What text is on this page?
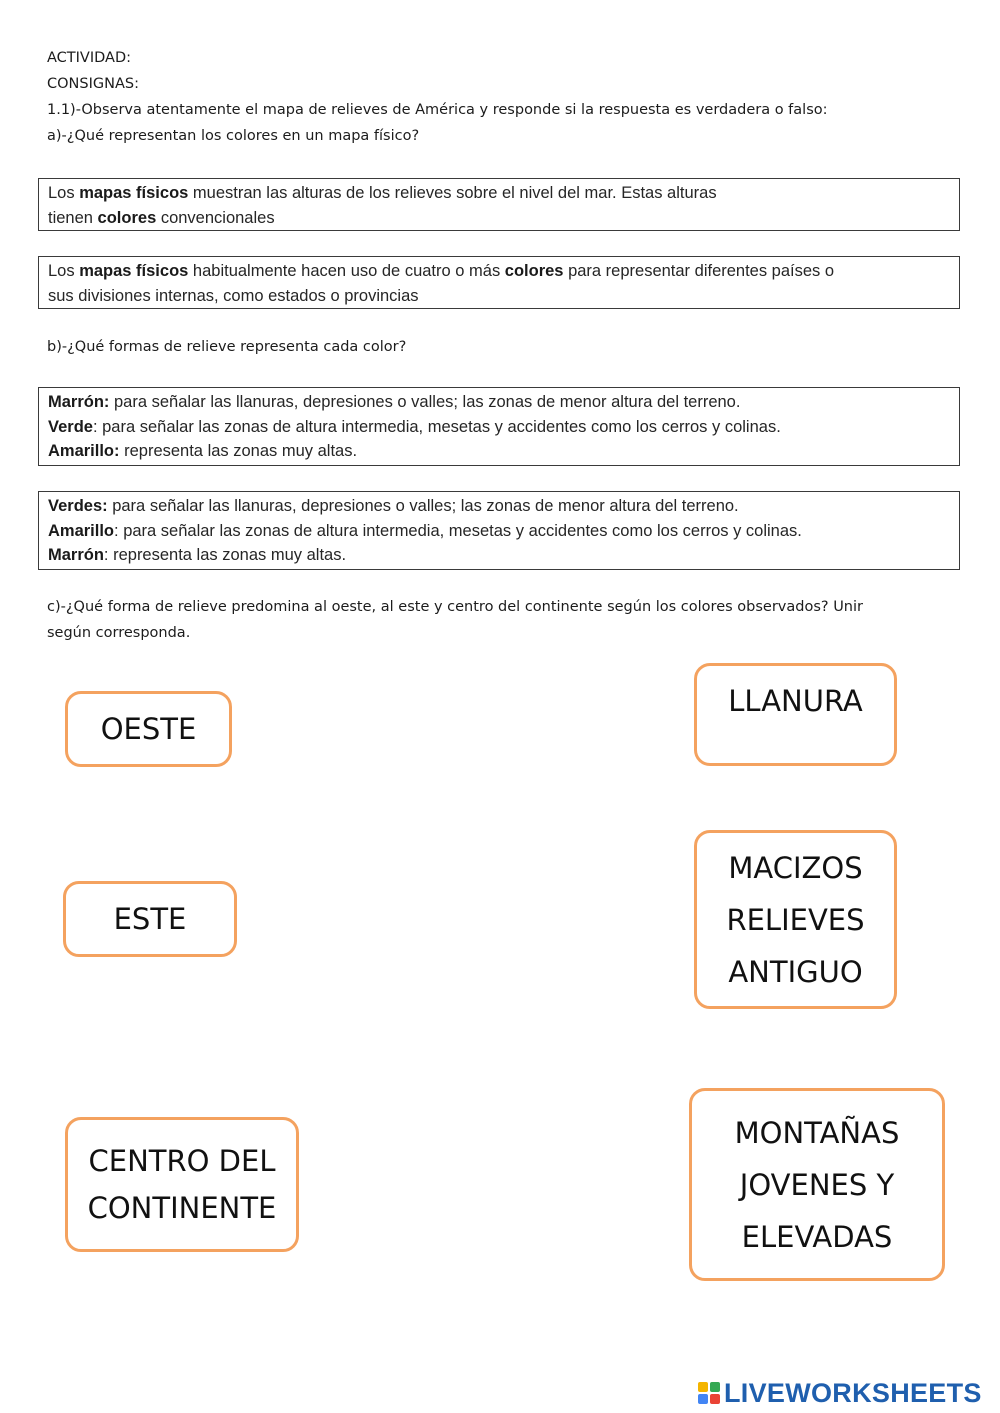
ACTIVIDAD:
CONSIGNAS:
1.1)-Observa atentamente el mapa de relieves de América y responde si la respuesta es verdadera o falso:
a)-¿Qué representan los colores en un mapa físico?
Los mapas físicos muestran las alturas de los relieves sobre el nivel del mar. Estas alturas
tienen colores convencionales
Los mapas físicos habitualmente hacen uso de cuatro o más colores para representar diferentes países o
sus divisiones internas, como estados o provincias
b)-¿Qué formas de relieve representa cada color?
Marrón: para señalar las llanuras, depresiones o valles; las zonas de menor altura del terreno.
Verde: para señalar las zonas de altura intermedia, mesetas y accidentes como los cerros y colinas.
Amarillo: representa las zonas muy altas.
Verdes: para señalar las llanuras, depresiones o valles; las zonas de menor altura del terreno.
Amarillo: para señalar las zonas de altura intermedia, mesetas y accidentes como los cerros y colinas.
Marrón: representa las zonas muy altas.
c)-¿Qué forma de relieve predomina al oeste, al este y centro del continente según los colores observados? Unir
según corresponda.
OESTE
ESTE
CENTRO DEL
CONTINENTE
LLANURA
MACIZOS
RELIEVES
ANTIGUO
MONTAÑAS
JOVENES Y
ELEVADAS
LIVEWORKSHEETS
